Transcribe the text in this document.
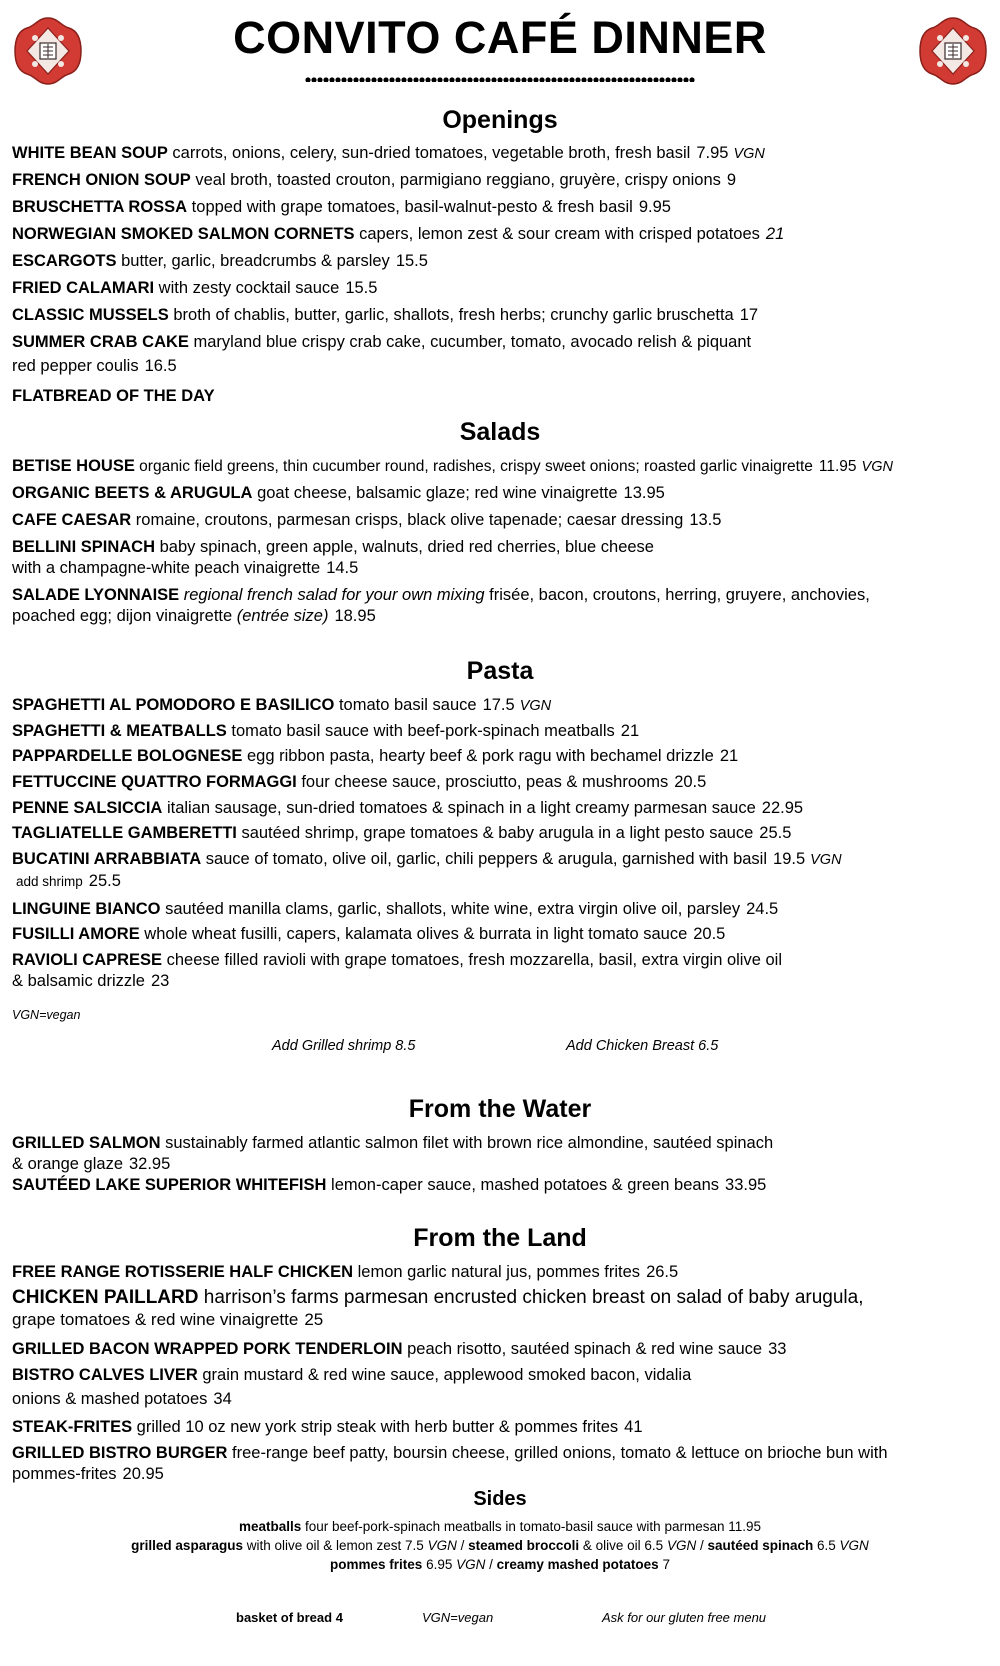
CONVITO CAFÉ DINNER
Openings

WHITE BEAN SOUP carrots, onions, celery, sun-dried tomatoes, vegetable broth, fresh basil 7.95 VGN

FRENCH ONION SOUP veal broth, toasted crouton, parmigiano reggiano, gruyère, crispy onions 9

BRUSCHETTA ROSSA topped with grape tomatoes, basil-walnut-pesto & fresh basil 9.95

NORWEGIAN SMOKED SALMON CORNETS capers, lemon zest & sour cream with crisped potatoes 21

ESCARGOTS butter, garlic, breadcrumbs & parsley 15.5

FRIED CALAMARI with zesty cocktail sauce 15.5

CLASSIC MUSSELS broth of chablis, butter, garlic, shallots, fresh herbs; crunchy garlic bruschetta 17

SUMMER CRAB CAKE maryland blue crispy crab cake, cucumber, tomato, avocado relish & piquant
red pepper coulis 16.5

FLATBREAD OF THE DAY

Salads

BETISE HOUSE organic field greens, thin cucumber round, radishes, crispy sweet onions; roasted garlic vinaigrette 11.95 VGN

ORGANIC BEETS & ARUGULA goat cheese, balsamic glaze; red wine vinaigrette 13.95

CAFE CAESAR romaine, croutons, parmesan crisps, black olive tapenade; caesar dressing 13.5

BELLINI SPINACH baby spinach, green apple, walnuts, dried red cherries, blue cheese
with a champagne-white peach vinaigrette 14.5

SALADE LYONNAISE regional french salad for your own mixing frisée, bacon, croutons, herring, gruyere, anchovies,
poached egg; dijon vinaigrette (entrée size) 18.95

Pasta

SPAGHETTI AL POMODORO E BASILICO tomato basil sauce 17.5 VGN

SPAGHETTI & MEATBALLS tomato basil sauce with beef-pork-spinach meatballs 21

PAPPARDELLE BOLOGNESE egg ribbon pasta, hearty beef & pork ragu with bechamel drizzle 21

FETTUCCINE QUATTRO FORMAGGI four cheese sauce, prosciutto, peas & mushrooms 20.5

PENNE SALSICCIA italian sausage, sun-dried tomatoes & spinach in a light creamy parmesan sauce 22.95

TAGLIATELLE GAMBERETTI sautéed shrimp, grape tomatoes & baby arugula in a light pesto sauce 25.5

BUCATINI ARRABBIATA sauce of tomato, olive oil, garlic, chili peppers & arugula, garnished with basil 19.5 VGN
add shrimp 25.5

LINGUINE BIANCO sautéed manilla clams, garlic, shallots, white wine, extra virgin olive oil, parsley 24.5

FUSILLI AMORE whole wheat fusilli, capers, kalamata olives & burrata in light tomato sauce 20.5

RAVIOLI CAPRESE cheese filled ravioli with grape tomatoes, fresh mozzarella, basil, extra virgin olive oil
& balsamic drizzle 23

VGN=vegan
Add Grilled shrimp 8.5	Add Chicken Breast 6.5
From the Water

GRILLED SALMON sustainably farmed atlantic salmon filet with brown rice almondine, sautéed spinach
& orange glaze 32.95

SAUTÉED LAKE SUPERIOR WHITEFISH lemon-caper sauce, mashed potatoes & green beans 33.95

From the Land

FREE RANGE ROTISSERIE HALF CHICKEN lemon garlic natural jus, pommes frites 26.5

CHICKEN PAILLARD harrison’s farms parmesan encrusted chicken breast on salad of baby arugula,
grape tomatoes & red wine vinaigrette 25

GRILLED BACON WRAPPED PORK TENDERLOIN peach risotto, sautéed spinach & red wine sauce 33

BISTRO CALVES LIVER grain mustard & red wine sauce, applewood smoked bacon, vidalia
onions & mashed potatoes 34

STEAK-FRITES grilled 10 oz new york strip steak with herb butter & pommes frites 41

GRILLED BISTRO BURGER free-range beef patty, boursin cheese, grilled onions, tomato & lettuce on brioche bun with
pommes-frites 20.95

Sides
meatballs four beef-pork-spinach meatballs in tomato-basil sauce with parmesan 11.95
grilled asparagus with olive oil & lemon zest 7.5 VGN / steamed broccoli & olive oil 6.5 VGN / sautéed spinach 6.5 VGN
pommes frites 6.95 VGN / creamy mashed potatoes 7
basket of bread 4	VGN=vegan	Ask for our gluten free menu
